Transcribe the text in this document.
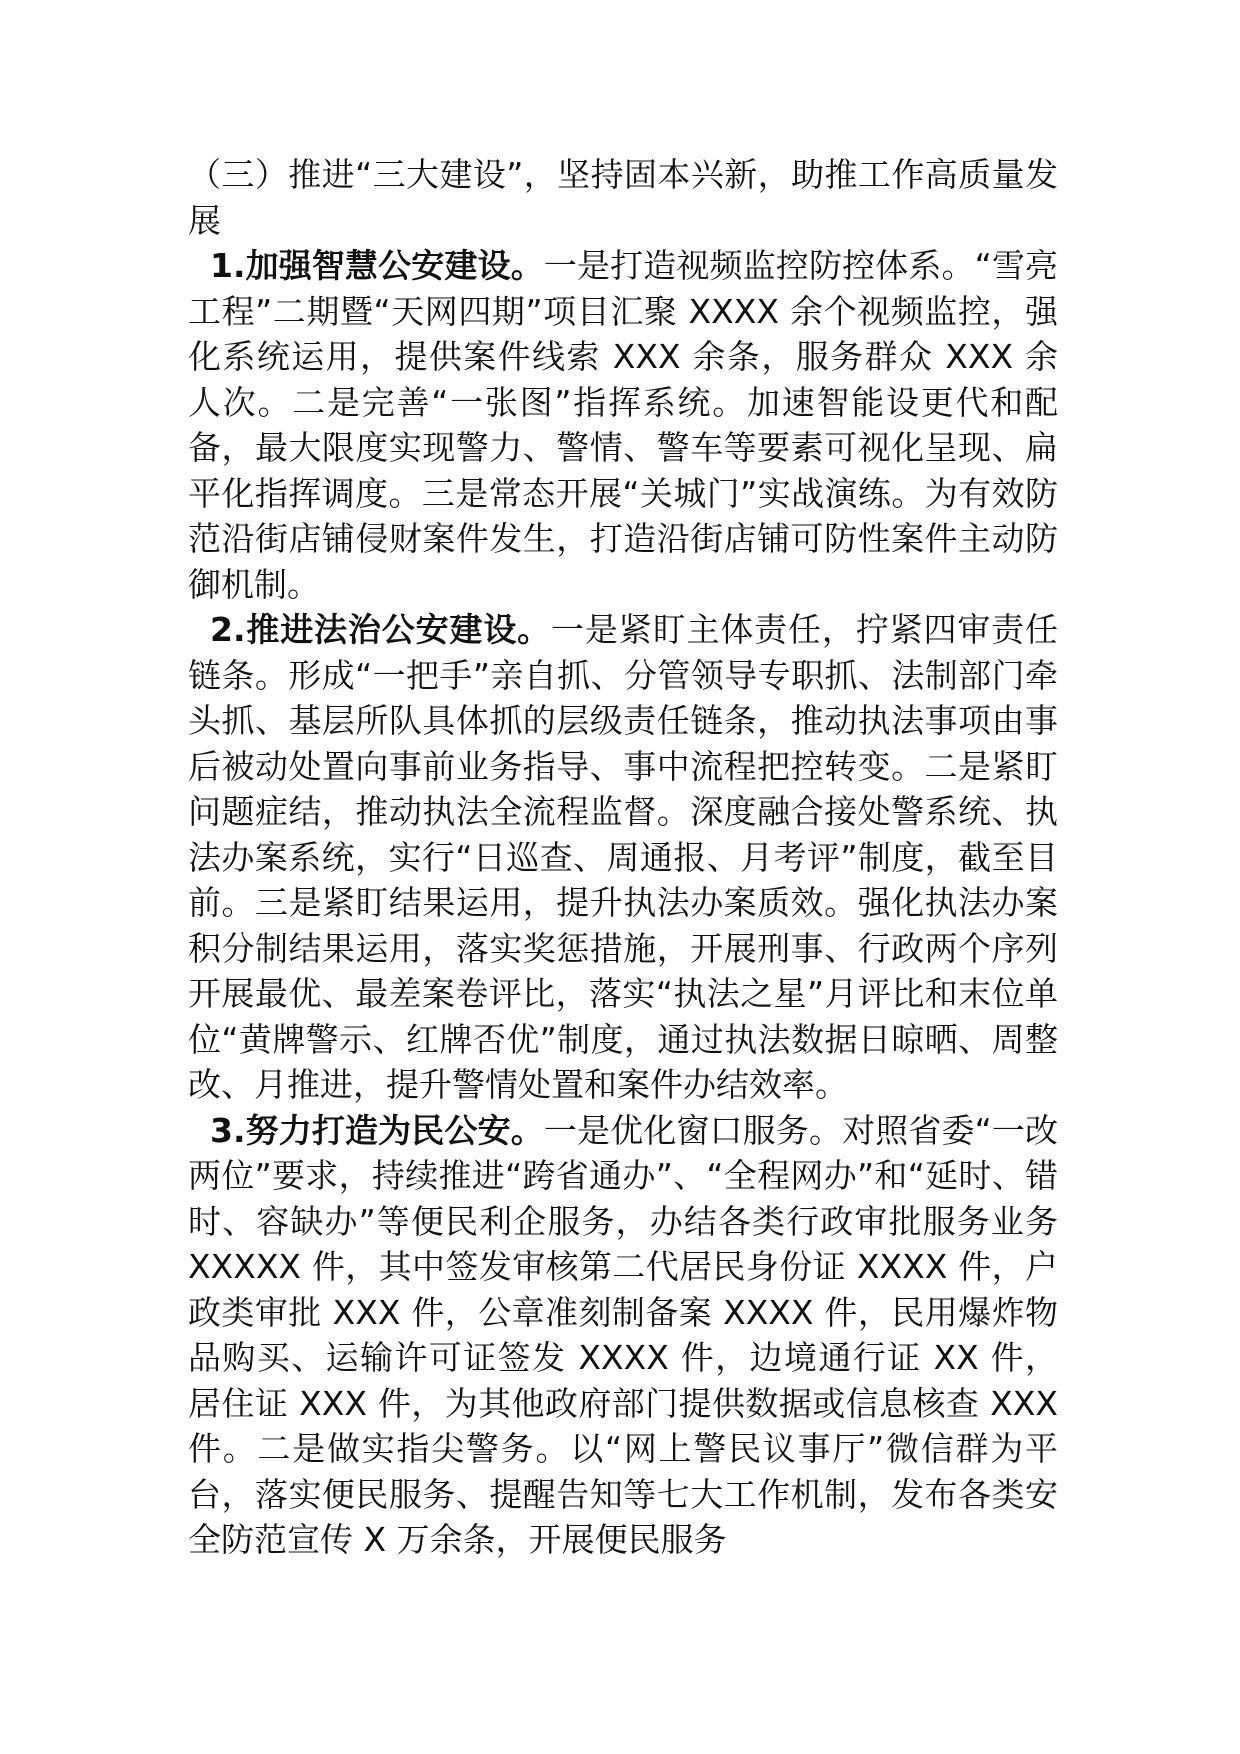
（三）推进“三大建设”，坚持固本兴新，助推工作高质量发展

1.加强智慧公安建设。一是打造视频监控防控体系。“雪亮工程”二期暨“天网四期”项目汇聚 XXXX 余个视频监控，强化系统运用，提供案件线索 XXX 余条，服务群众 XXX 余人次。二是完善“一张图”指挥系统。加速智能设更代和配备，最大限度实现警力、警情、警车等要素可视化呈现、扁平化指挥调度。三是常态开展“关城门”实战演练。为有效防范沿街店铺侵财案件发生，打造沿街店铺可防性案件主动防御机制。

2.推进法治公安建设。一是紧盯主体责任，拧紧四审责任链条。形成“一把手”亲自抓、分管领导专职抓、法制部门牵头抓、基层所队具体抓的层级责任链条，推动执法事项由事后被动处置向事前业务指导、事中流程把控转变。二是紧盯问题症结，推动执法全流程监督。深度融合接处警系统、执法办案系统，实行“日巡查、周通报、月考评”制度，截至目前。三是紧盯结果运用，提升执法办案质效。强化执法办案积分制结果运用，落实奖惩措施，开展刑事、行政两个序列开展最优、最差案卷评比，落实“执法之星”月评比和末位单位“黄牌警示、红牌否优”制度，通过执法数据日晾晒、周整改、月推进，提升警情处置和案件办结效率。

3.努力打造为民公安。一是优化窗口服务。对照省委“一改两位”要求，持续推进“跨省通办”、“全程网办”和“延时、错时、容缺办”等便民利企服务，办结各类行政审批服务业务 XXXXX 件，其中签发审核第二代居民身份证 XXXX 件，户政类审批 XXX 件，公章准刻制备案 XXXX 件，民用爆炸物品购买、运输许可证签发 XXXX 件，边境通行证 XX 件，居住证 XXX 件，为其他政府部门提供数据或信息核查 XXX 件。二是做实指尖警务。以“网上警民议事厅”微信群为平台，落实便民服务、提醒告知等七大工作机制，发布各类安全防范宣传 X 万余条，开展便民服务
